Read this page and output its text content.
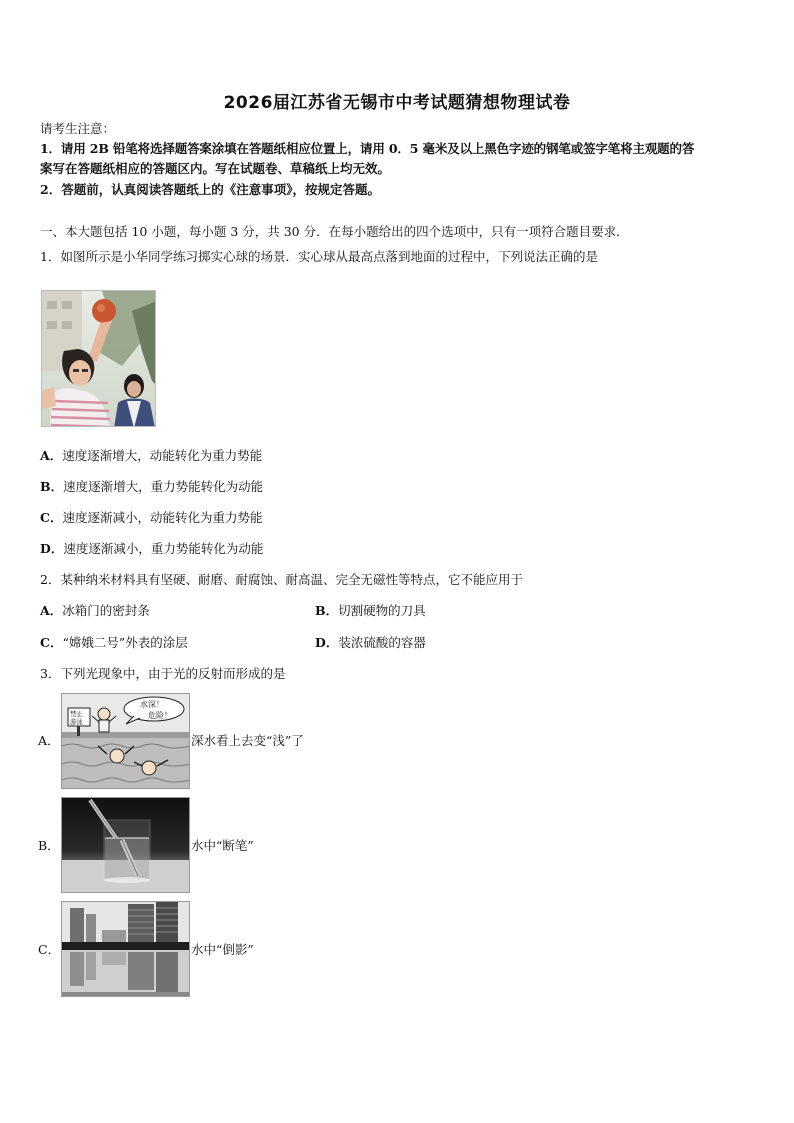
2026届江苏省无锡市中考试题猜想物理试卷
请考生注意：
1．请用 2B 铅笔将选择题答案涂填在答题纸相应位置上，请用 0．5 毫米及以上黑色字迹的钢笔或签字笔将主观题的答
案写在答题纸相应的答题区内。写在试题卷、草稿纸上均无效。
2．答题前，认真阅读答题纸上的《注意事项》，按规定答题。
一、本大题包括 10 小题，每小题 3 分，共 30 分．在每小题给出的四个选项中，只有一项符合题目要求．
1．如图所示是小华同学练习掷实心球的场景．实心球从最高点落到地面的过程中，下列说法正确的是
A．速度逐渐增大，动能转化为重力势能
B．速度逐渐增大，重力势能转化为动能
C．速度逐渐减小，动能转化为重力势能
D．速度逐渐减小，重力势能转化为动能
2．某种纳米材料具有坚硬、耐磨、耐腐蚀、耐高温、完全无磁性等特点，它不能应用于
A．冰箱门的密封条	B．切割硬物的刀具
C．“嫦娥二号”外表的涂层	D．装浓硫酸的容器
3．下列光现象中，由于光的反射而形成的是
A．
禁止
游泳
水深！
危险！
深水看上去变“浅”了
B．	水中“断笔”
C．	水中“倒影”
